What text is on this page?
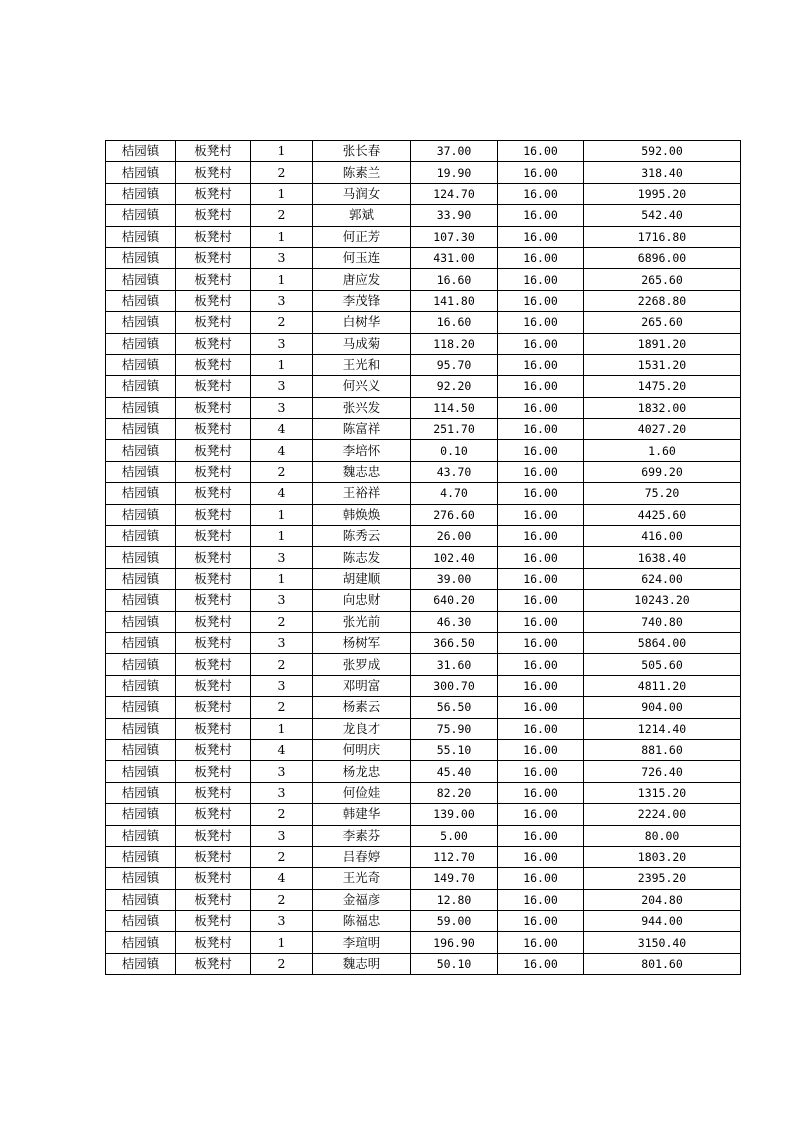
桔园镇	板凳村	1	张长春	37.00	16.00	592.00
桔园镇	板凳村	2	陈素兰	19.90	16.00	318.40
桔园镇	板凳村	1	马润女	124.70	16.00	1995.20
桔园镇	板凳村	2	郭斌	33.90	16.00	542.40
桔园镇	板凳村	1	何正芳	107.30	16.00	1716.80
桔园镇	板凳村	3	何玉连	431.00	16.00	6896.00
桔园镇	板凳村	1	唐应发	16.60	16.00	265.60
桔园镇	板凳村	3	李茂锋	141.80	16.00	2268.80
桔园镇	板凳村	2	白树华	16.60	16.00	265.60
桔园镇	板凳村	3	马成菊	118.20	16.00	1891.20
桔园镇	板凳村	1	王光和	95.70	16.00	1531.20
桔园镇	板凳村	3	何兴义	92.20	16.00	1475.20
桔园镇	板凳村	3	张兴发	114.50	16.00	1832.00
桔园镇	板凳村	4	陈富祥	251.70	16.00	4027.20
桔园镇	板凳村	4	李培怀	0.10	16.00	1.60
桔园镇	板凳村	2	魏志忠	43.70	16.00	699.20
桔园镇	板凳村	4	王裕祥	4.70	16.00	75.20
桔园镇	板凳村	1	韩焕焕	276.60	16.00	4425.60
桔园镇	板凳村	1	陈秀云	26.00	16.00	416.00
桔园镇	板凳村	3	陈志发	102.40	16.00	1638.40
桔园镇	板凳村	1	胡建顺	39.00	16.00	624.00
桔园镇	板凳村	3	向忠财	640.20	16.00	10243.20
桔园镇	板凳村	2	张光前	46.30	16.00	740.80
桔园镇	板凳村	3	杨树军	366.50	16.00	5864.00
桔园镇	板凳村	2	张罗成	31.60	16.00	505.60
桔园镇	板凳村	3	邓明富	300.70	16.00	4811.20
桔园镇	板凳村	2	杨素云	56.50	16.00	904.00
桔园镇	板凳村	1	龙良才	75.90	16.00	1214.40
桔园镇	板凳村	4	何明庆	55.10	16.00	881.60
桔园镇	板凳村	3	杨龙忠	45.40	16.00	726.40
桔园镇	板凳村	3	何俭娃	82.20	16.00	1315.20
桔园镇	板凳村	2	韩建华	139.00	16.00	2224.00
桔园镇	板凳村	3	李素芬	5.00	16.00	80.00
桔园镇	板凳村	2	吕春婷	112.70	16.00	1803.20
桔园镇	板凳村	4	王光奇	149.70	16.00	2395.20
桔园镇	板凳村	2	金福彦	12.80	16.00	204.80
桔园镇	板凳村	3	陈福忠	59.00	16.00	944.00
桔园镇	板凳村	1	李瑄明	196.90	16.00	3150.40
桔园镇	板凳村	2	魏志明	50.10	16.00	801.60
